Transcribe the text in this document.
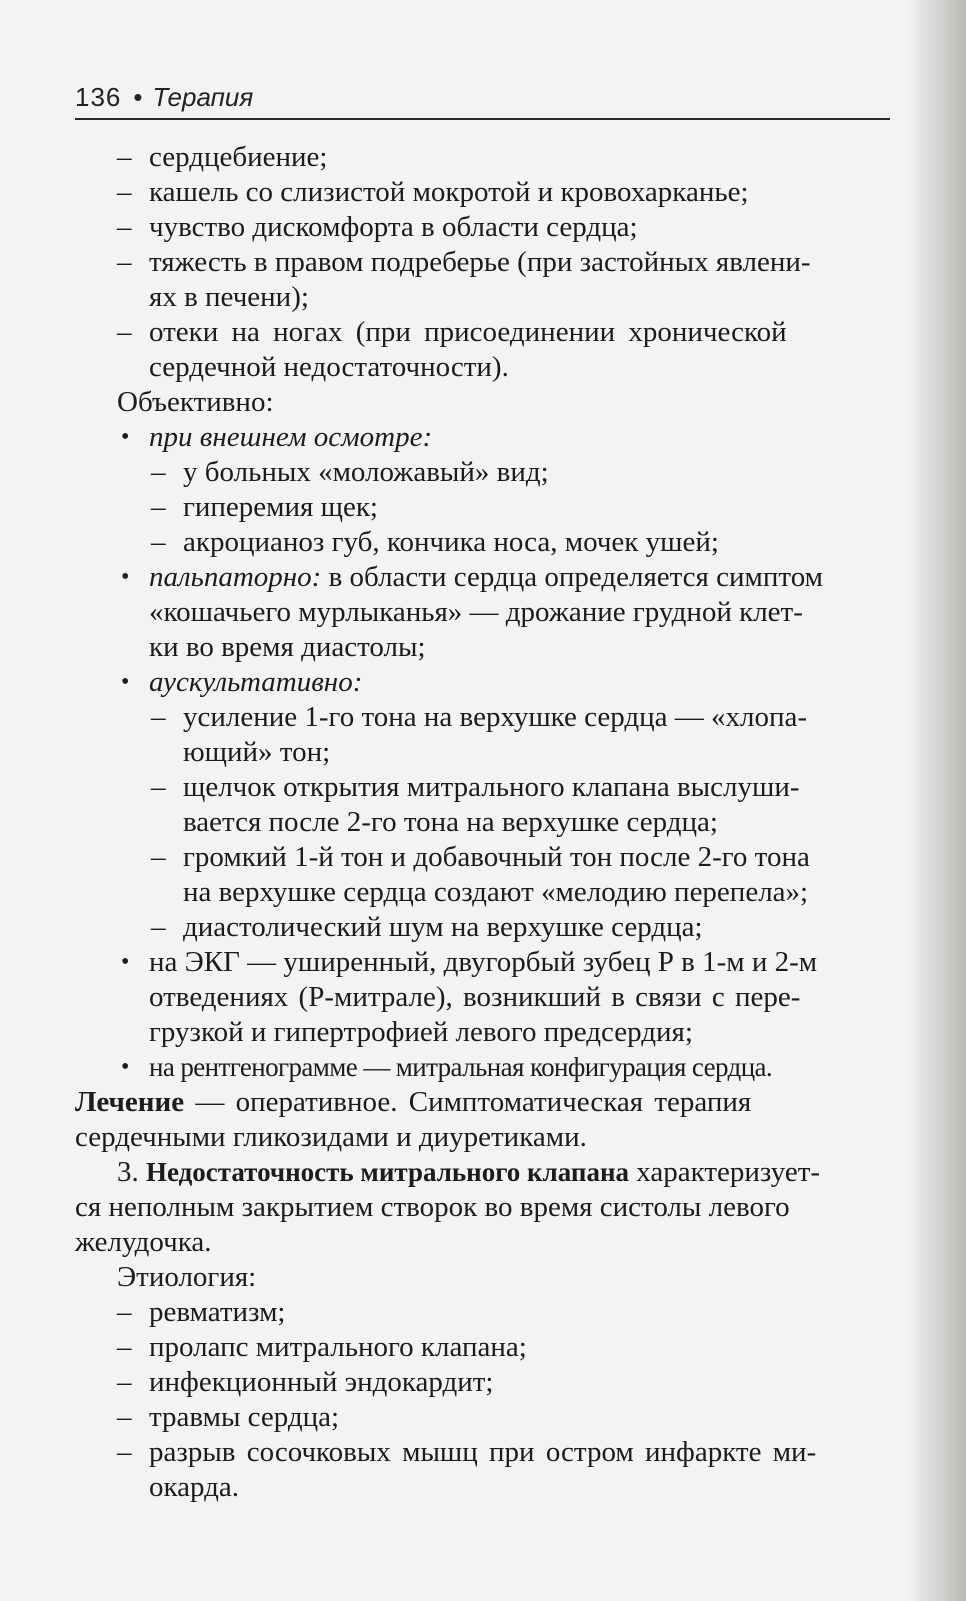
136 • Терапия
– сердцебиение;
– кашель со слизистой мокротой и кровохарканье;
– чувство дискомфорта в области сердца;
– тяжесть в правом подреберье (при застойных явлени-
ях в печени);
– отеки на ногах (при присоединении хронической
сердечной недостаточности).
Объективно:
• при внешнем осмотре:
– у больных «моложавый» вид;
– гиперемия щек;
– акроцианоз губ, кончика носа, мочек ушей;
• пальпаторно: в области сердца определяется симптом
«кошачьего мурлыканья» — дрожание грудной клет-
ки во время диастолы;
• аускультативно:
– усиление 1-го тона на верхушке сердца — «хлопа-
ющий» тон;
– щелчок открытия митрального клапана выслуши-
вается после 2-го тона на верхушке сердца;
– громкий 1-й тон и добавочный тон после 2-го тона
на верхушке сердца создают «мелодию перепела»;
– диастолический шум на верхушке сердца;
• на ЭКГ — уширенный, двугорбый зубец Р в 1-м и 2-м
отведениях (Р-митрале), возникший в связи с пере-
грузкой и гипертрофией левого предсердия;
• на рентгенограмме — митральная конфигурация сердца.
Лечение — оперативное. Симптоматическая терапия
сердечными гликозидами и диуретиками.
3. Недостаточность митрального клапана характеризует-
ся неполным закрытием створок во время систолы левого
желудочка.
Этиология:
– ревматизм;
– пролапс митрального клапана;
– инфекционный эндокардит;
– травмы сердца;
– разрыв сосочковых мышц при остром инфаркте ми-
окарда.
